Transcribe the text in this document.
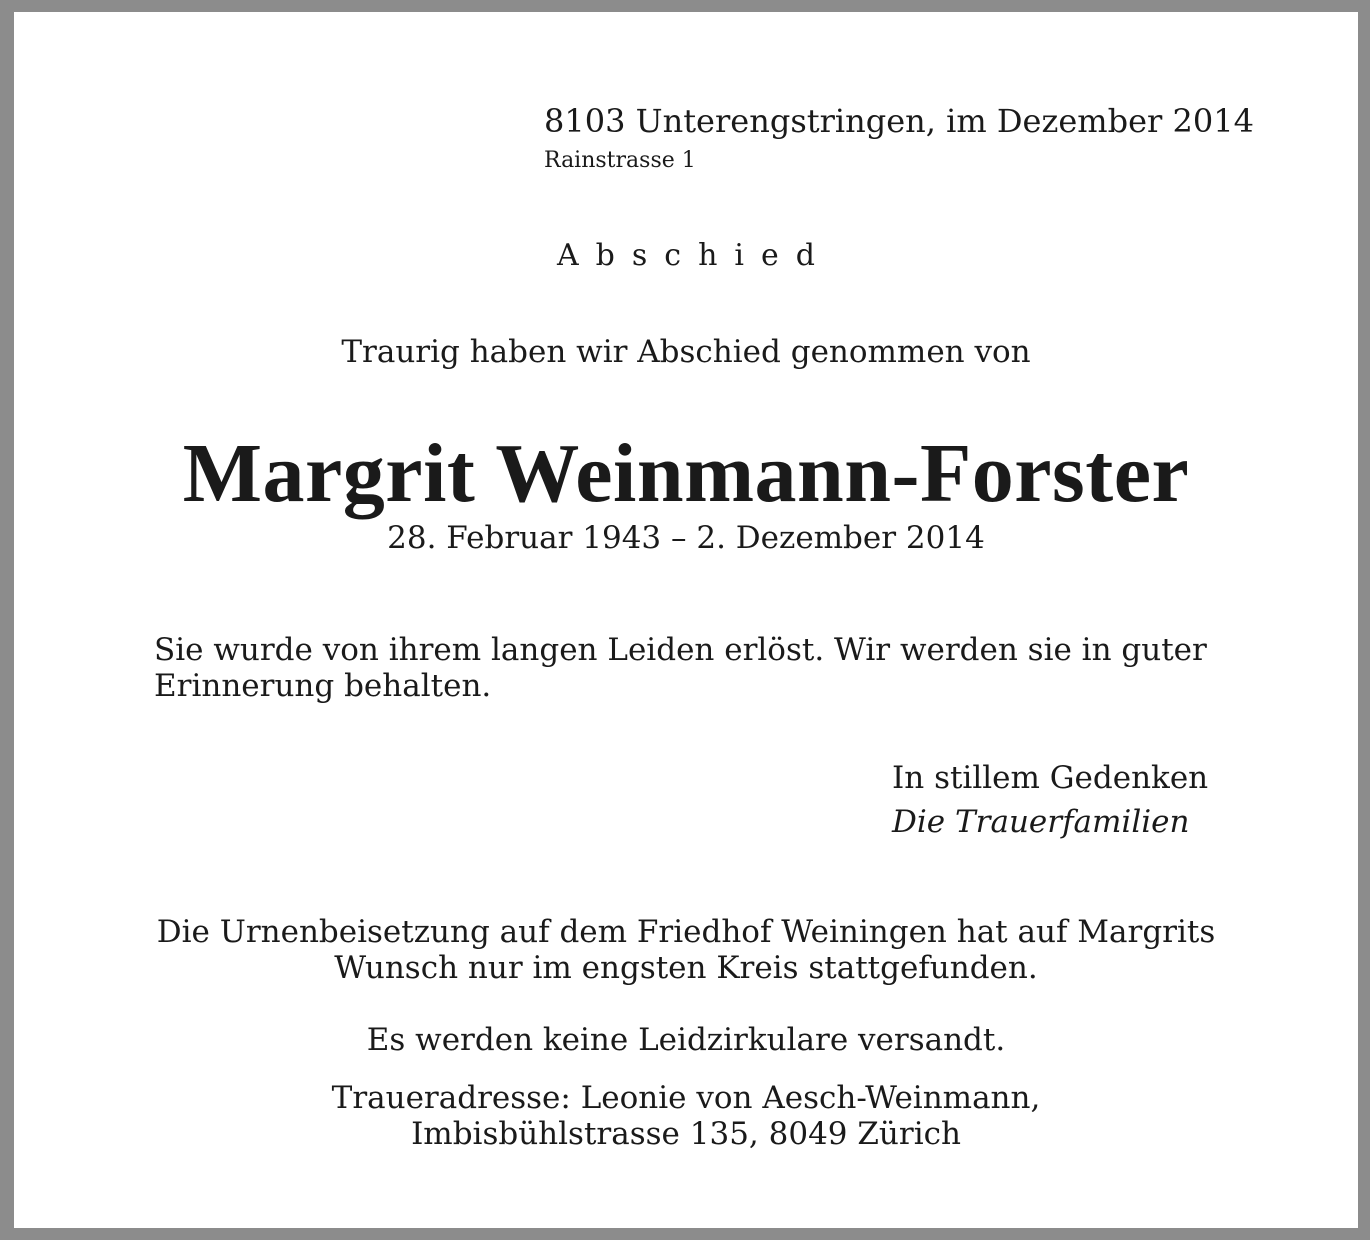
8103 Unterengstringen, im Dezember 2014
Rainstrasse 1
Abschied
Traurig haben wir Abschied genommen von
Margrit Weinmann-Forster
28. Februar 1943 – 2. Dezember 2014
Sie wurde von ihrem langen Leiden erlöst. Wir werden sie in guter Erinnerung behalten.
In stillem Gedenken
Die Trauerfamilien
Die Urnenbeisetzung auf dem Friedhof Weiningen hat auf Margrits
Wunsch nur im engsten Kreis stattgefunden.
Es werden keine Leidzirkulare versandt.
Traueradresse: Leonie von Aesch-Weinmann,
Imbisbühlstrasse 135, 8049 Zürich
